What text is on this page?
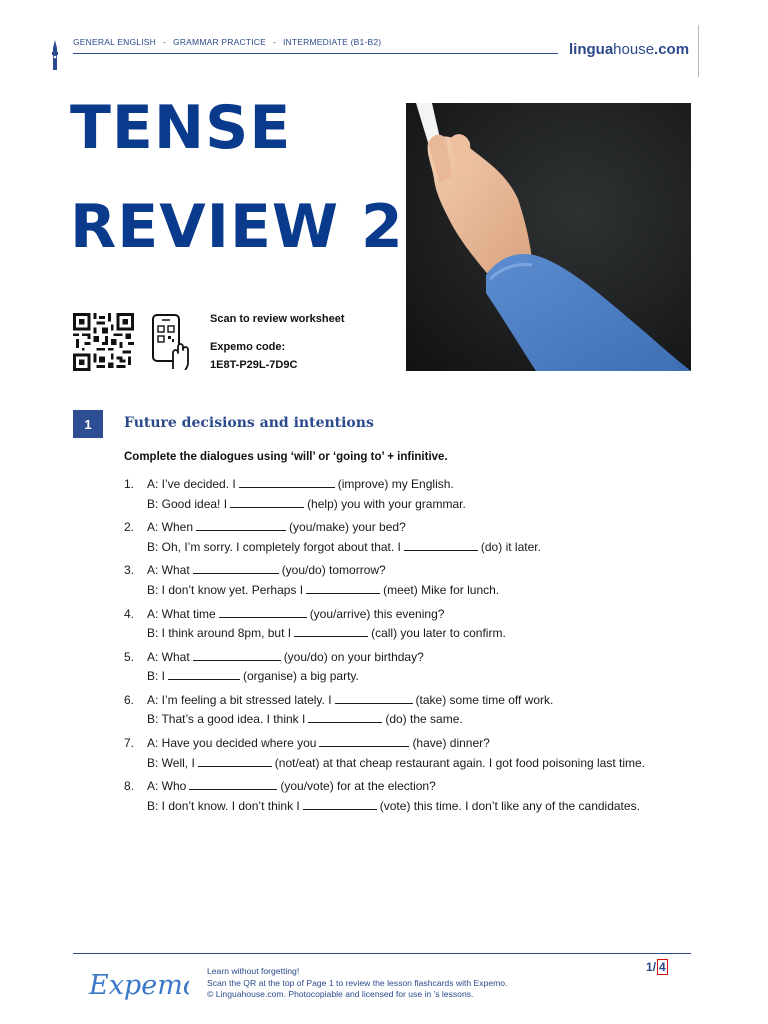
GENERAL ENGLISH - GRAMMAR PRACTICE - INTERMEDIATE (B1-B2)	linguahouse.com
TENSE
REVIEW 2
Scan to review worksheet
Expemo code:
1E8T-P29L-7D9C
1	Future decisions and intentions
Complete the dialogues using ‘will’ or ‘going to’ + infinitive.
1. A: I’ve decided. I	(improve) my English.
B: Good idea! I	(help) you with your grammar.
2. A: When	(you/make) your bed?
B: Oh, I’m sorry. I completely forgot about that. I	(do) it later.
3. A: What	(you/do) tomorrow?
B: I don’t know yet. Perhaps I	(meet) Mike for lunch.
4. A: What time	(you/arrive) this evening?
B: I think around 8pm, but I	(call) you later to confirm.
5. A: What	(you/do) on your birthday?
B: I	(organise) a big party.
6. A: I’m feeling a bit stressed lately. I	(take) some time off work.
B: That’s a good idea. I think I	(do) the same.
7. A: Have you decided where you	(have) dinner?
B: Well, I	(not/eat) at that cheap restaurant again. I got food poisoning last time.
8. A: Who	(you/vote) for at the election?
B: I don’t know. I don’t think I	(vote) this time. I don’t like any of the candidates.
Expemo Learn without forgetting!
Scan the QR at the top of Page 1 to review the lesson flashcards with Expemo.
© Linguahouse.com. Photocopiable and licensed for use in 's lessons.
1/ 4
